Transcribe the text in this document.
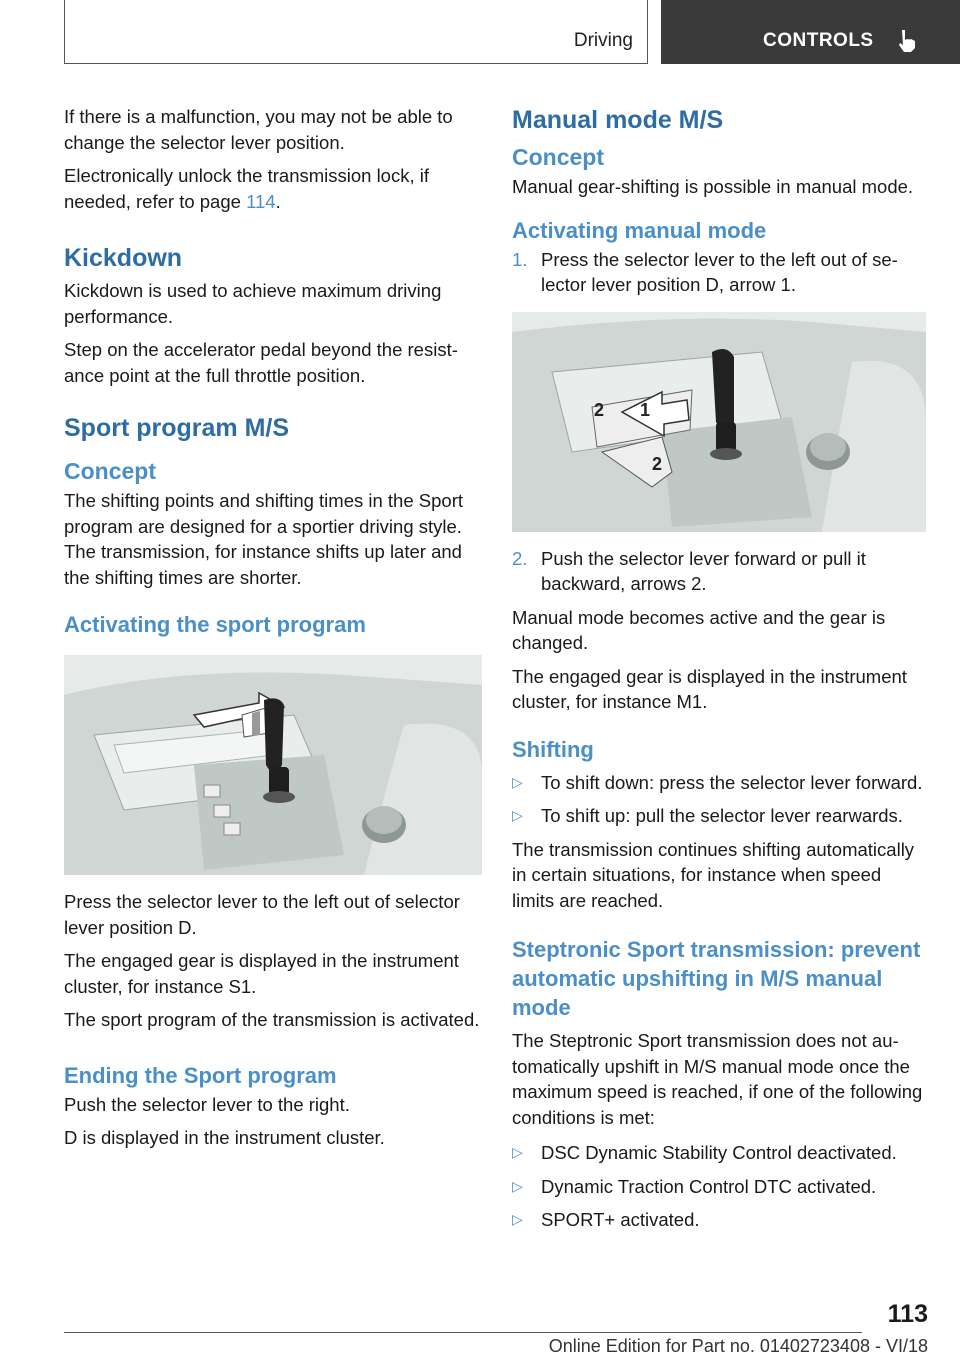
Driving	CONTROLS

If there is a malfunction, you may not be able to change the selector lever position.

Electronically unlock the transmission lock, if needed, refer to page 114.

Kickdown

Kickdown is used to achieve maximum driving performance.

Step on the accelerator pedal beyond the resistance point at the full throttle position.

Sport program M/S
Concept

The shifting points and shifting times in the Sport program are designed for a sportier driving style. The transmission, for instance shifts up later and the shifting times are shorter.

Activating the sport program

Press the selector lever to the left out of selector lever position D.

The engaged gear is displayed in the instrument cluster, for instance S1.

The sport program of the transmission is activated.

Ending the Sport program

Push the selector lever to the right.

D is displayed in the instrument cluster.

Manual mode M/S
Concept

Manual gear-shifting is possible in manual mode.

Activating manual mode
1. Press the selector lever to the left out of selector lever position D, arrow 1.
1
2
2
2. Push the selector lever forward or pull it backward, arrows 2.

Manual mode becomes active and the gear is changed.

The engaged gear is displayed in the instrument cluster, for instance M1.

Shifting
▷ To shift down: press the selector lever forward.
▷ To shift up: pull the selector lever rearwards.

The transmission continues shifting automatically in certain situations, for instance when speed limits are reached.

Steptronic Sport transmission: prevent automatic upshifting in M/S manual mode

The Steptronic Sport transmission does not automatically upshift in M/S manual mode once the maximum speed is reached, if one of the following conditions is met:

▷ DSC Dynamic Stability Control deactivated.
▷ Dynamic Traction Control DTC activated.
▷ SPORT+ activated.
113
Online Edition for Part no. 01402723408 - VI/18
